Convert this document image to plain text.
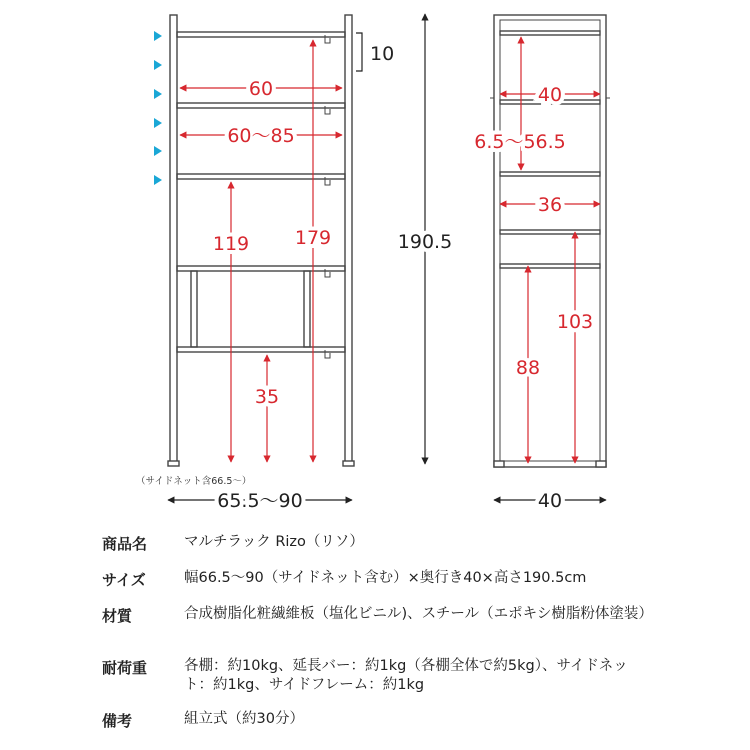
10
60
60～85
119 179
35
190.5
（サイドネット含66.5～）
65.5～90
40
6.5～56.5
36
103
88
40
商品名	マルチラック Rizo（リソ）
サイズ	幅66.5～90（サイドネット含む）×奥行き40×高さ190.5cm
材質	合成樹脂化粧繊維板（塩化ビニル)、スチール（エポキシ樹脂粉体塗装）
耐荷重	各棚：約10kg、延長バー：約1kg（各棚全体で約5kg）、サイドネット：約1kg、サイドフレーム：約1kg
備考	組立式（約30分）
